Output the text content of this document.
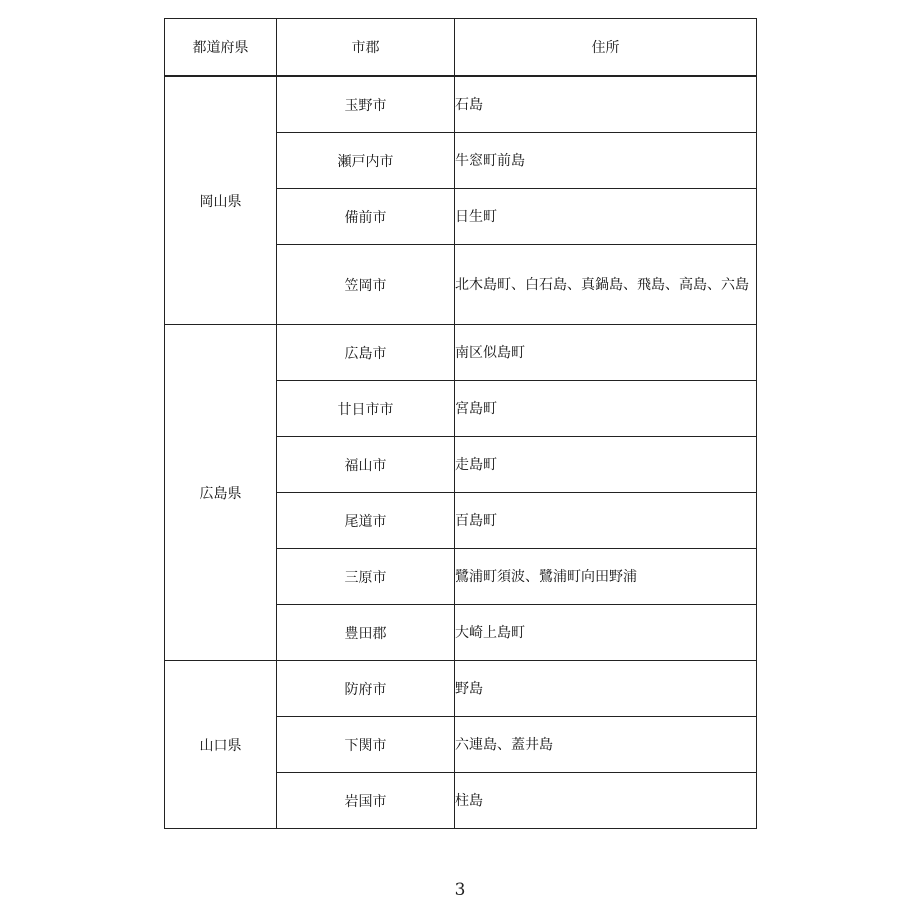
都道府県	市郡	住所
岡山県	玉野市	石島
	瀬戸内市	牛窓町前島
	備前市	日生町
	笠岡市	北木島町、白石島、真鍋島、飛島、高島、六島
広島県	広島市	南区似島町
	廿日市市	宮島町
	福山市	走島町
	尾道市	百島町
	三原市	鷺浦町須波、鷺浦町向田野浦
	豊田郡	大崎上島町
山口県	防府市	野島
	下関市	六連島、蓋井島
	岩国市	柱島
3
